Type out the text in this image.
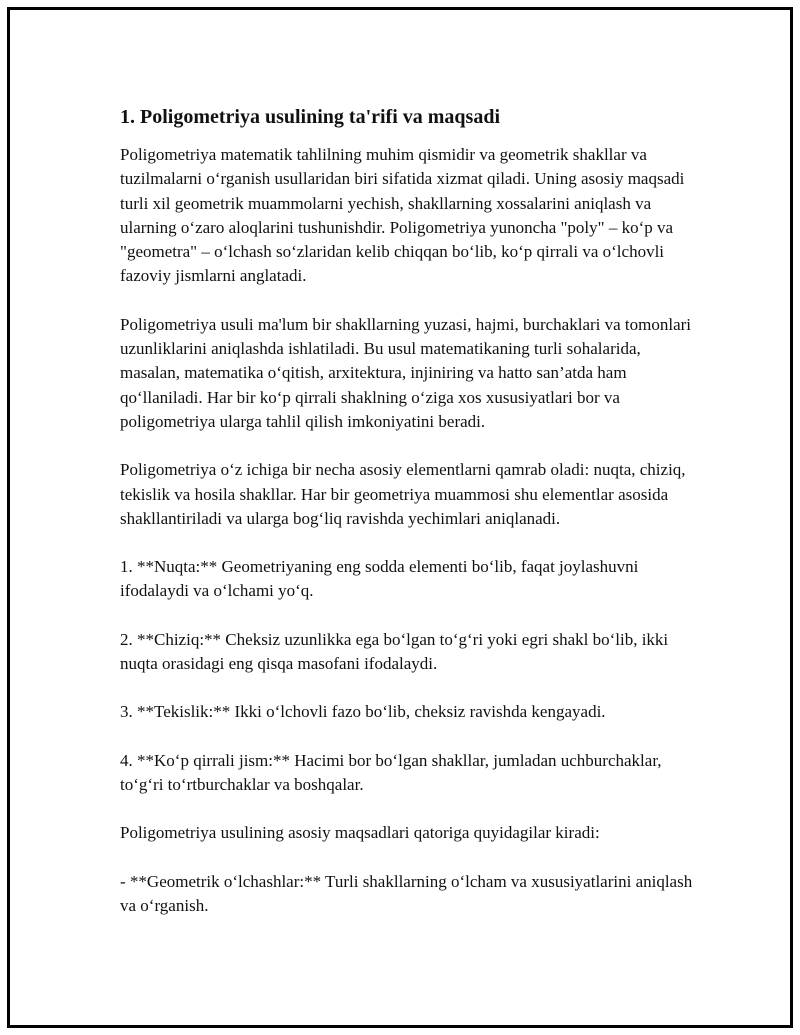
1. Poligometriya usulining ta'rifi va maqsadi

Poligometriya matematik tahlilning muhim qismidir va geometrik shakllar va tuzilmalarni o‘rganish usullaridan biri sifatida xizmat qiladi. Uning asosiy maqsadi turli xil geometrik muammolarni yechish, shakllarning xossalarini aniqlash va ularning o‘zaro aloqlarini tushunishdir. Poligometriya yunoncha "poly" – ko‘p va "geometra" – o‘lchash so‘zlaridan kelib chiqqan bo‘lib, ko‘p qirrali va o‘lchovli fazoviy jismlarni anglatadi.

Poligometriya usuli ma'lum bir shakllarning yuzasi, hajmi, burchaklari va tomonlari uzunliklarini aniqlashda ishlatiladi. Bu usul matematikaning turli sohalarida, masalan, matematika o‘qitish, arxitektura, injiniring va hatto san’atda ham qo‘llaniladi. Har bir ko‘p qirrali shaklning o‘ziga xos xususiyatlari bor va poligometriya ularga tahlil qilish imkoniyatini beradi.

Poligometriya o‘z ichiga bir necha asosiy elementlarni qamrab oladi: nuqta, chiziq, tekislik va hosila shakllar. Har bir geometriya muammosi shu elementlar asosida shakllantiriladi va ularga bog‘liq ravishda yechimlari aniqlanadi.

1. **Nuqta:** Geometriyaning eng sodda elementi bo‘lib, faqat joylashuvni ifodalaydi va o‘lchami yo‘q.

2. **Chiziq:** Cheksiz uzunlikka ega bo‘lgan to‘g‘ri yoki egri shakl bo‘lib, ikki nuqta orasidagi eng qisqa masofani ifodalaydi.

3. **Tekislik:** Ikki o‘lchovli fazo bo‘lib, cheksiz ravishda kengayadi.

4. **Ko‘p qirrali jism:** Hacimi bor bo‘lgan shakllar, jumladan uchburchaklar, to‘g‘ri to‘rtburchaklar va boshqalar.

Poligometriya usulining asosiy maqsadlari qatoriga quyidagilar kiradi:

- **Geometrik o‘lchashlar:** Turli shakllarning o‘lcham va xususiyatlarini aniqlash va o‘rganish.
